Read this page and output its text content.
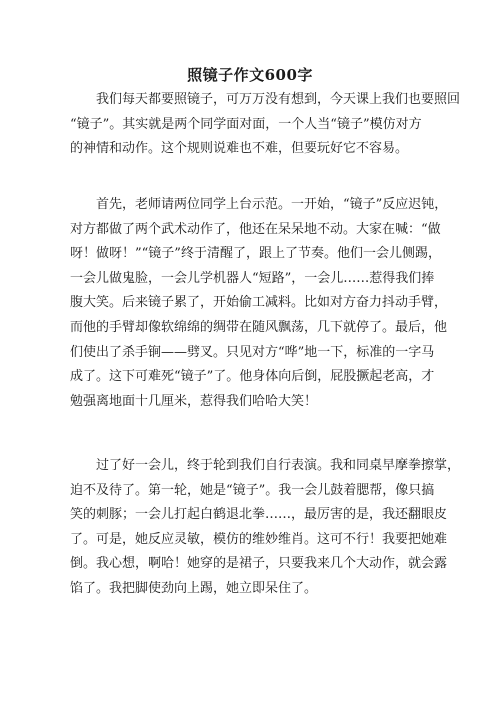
照镜子作文600字
　　我们每天都要照镜子，可万万没有想到，今天课上我们也要照回
“镜子”。其实就是两个同学面对面，一个人当“镜子”模仿对方
的神情和动作。这个规则说难也不难，但要玩好它不容易。
　　首先，老师请两位同学上台示范。一开始，“镜子”反应迟钝，
对方都做了两个武术动作了，他还在呆呆地不动。大家在喊：“做
呀！做呀！”“镜子”终于清醒了，跟上了节奏。他们一会儿侧踢，
一会儿做鬼脸，一会儿学机器人“短路”，一会儿……惹得我们捧
腹大笑。后来镜子累了，开始偷工减料。比如对方奋力抖动手臂，
而他的手臂却像软绵绵的绸带在随风飘荡，几下就停了。最后，他
们使出了杀手锏——劈叉。只见对方“哗”地一下，标准的一字马
成了。这下可难死“镜子”了。他身体向后倒，屁股撅起老高，才
勉强离地面十几厘米，惹得我们哈哈大笑！
　　过了好一会儿，终于轮到我们自行表演。我和同桌早摩拳擦掌，
迫不及待了。第一轮，她是“镜子”。我一会儿鼓着腮帮，像只搞
笑的刺豚；一会儿打起白鹤退北拳……，最厉害的是，我还翻眼皮
了。可是，她反应灵敏，模仿的维妙维肖。这可不行！我要把她难
倒。我心想，啊哈！她穿的是裙子，只要我来几个大动作，就会露
馅了。我把脚使劲向上踢，她立即呆住了。
